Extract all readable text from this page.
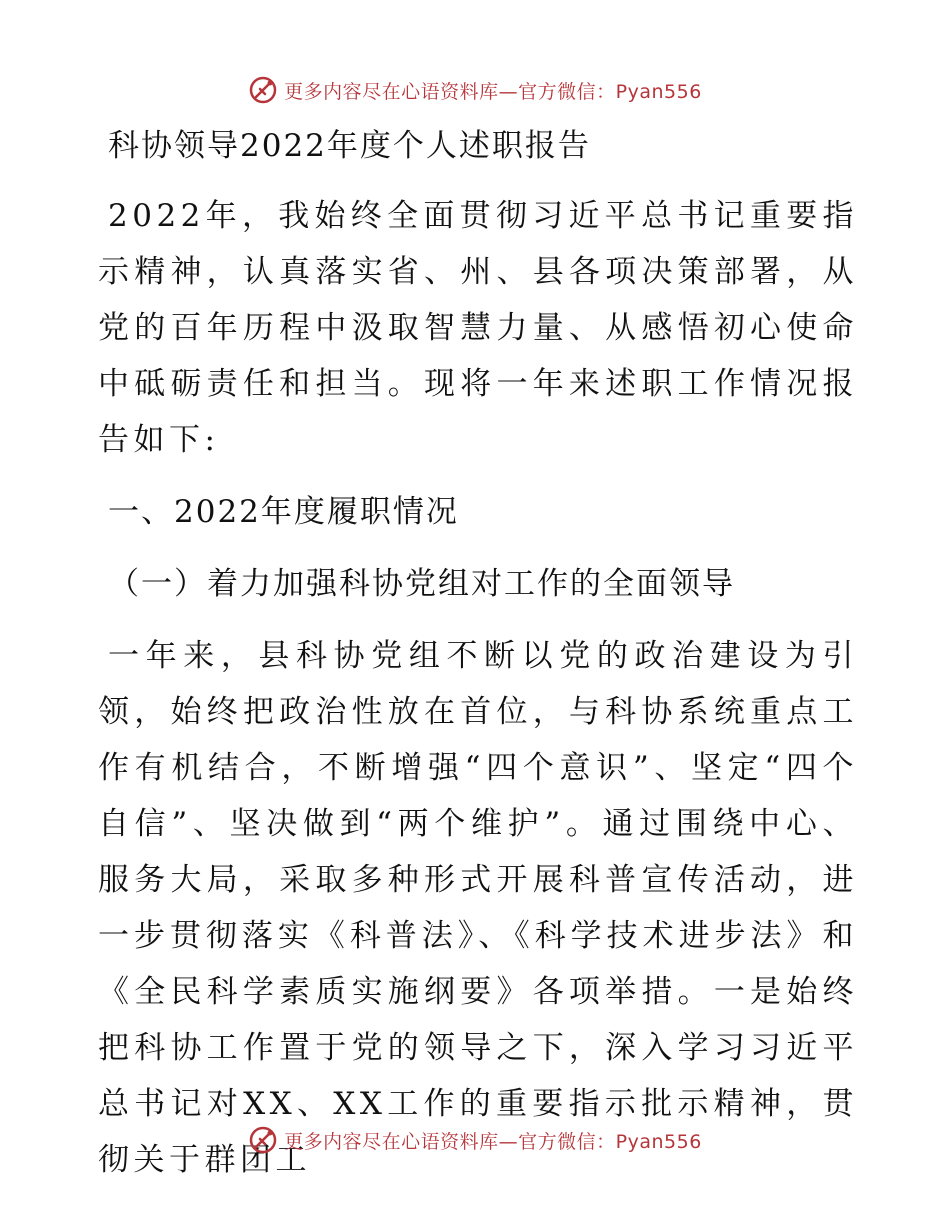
更多内容尽在心语资料库—官方微信：Pyan556
科协领导2022年度个人述职报告

2022年，我始终全面贯彻习近平总书记重要指示精神，认真落实省、州、县各项决策部署，从党的百年历程中汲取智慧力量、从感悟初心使命中砥砺责任和担当。现将一年来述职工作情况报告如下:

一、2022年度履职情况
（一）着力加强科协党组对工作的全面领导

一年来，县科协党组不断以党的政治建设为引领，始终把政治性放在首位，与科协系统重点工作有机结合，不断增强“四个意识”、坚定“四个自信”、坚决做到“两个维护”。通过围绕中心、服务大局，采取多种形式开展科普宣传活动，进一步贯彻落实《科普法》、《科学技术进步法》和《全民科学素质实施纲要》各项举措。一是始终把科协工作置于党的领导之下，深入学习习近平总书记对XX、XX工作的重要指示批示精神，贯彻关于群团工

更多内容尽在心语资料库—官方微信：Pyan556
